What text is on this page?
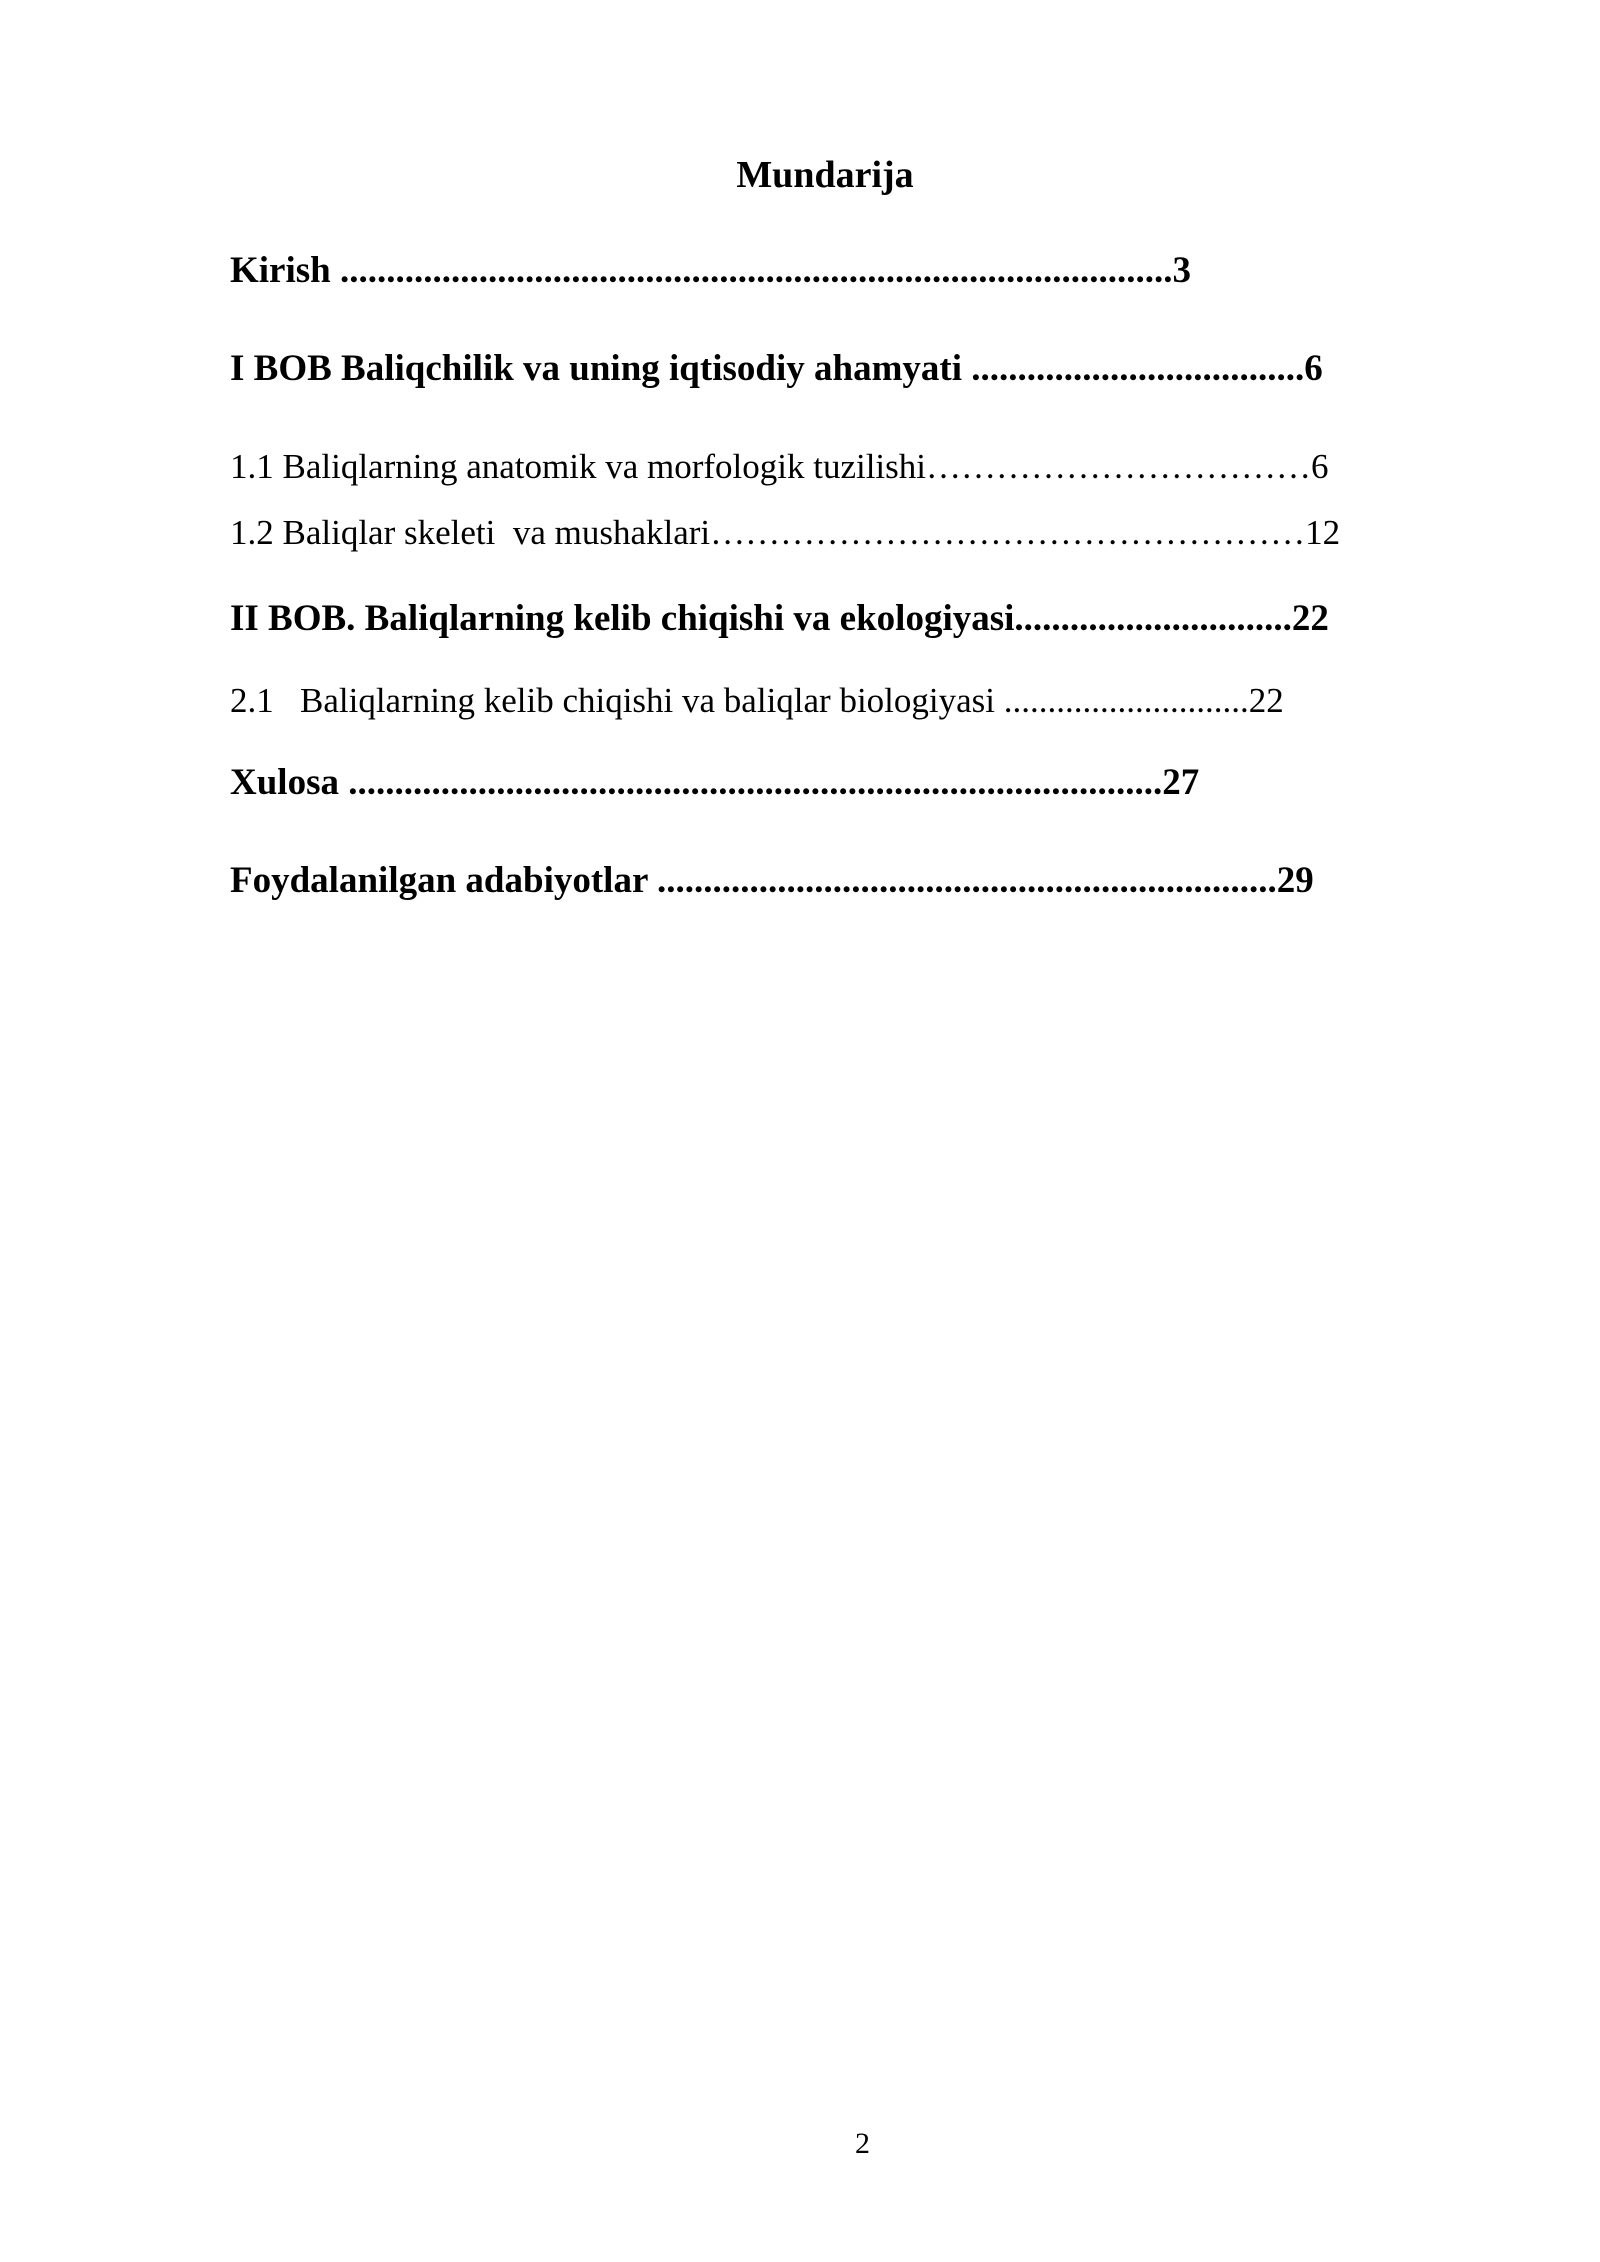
Mundarija
Kirish ..........................................................................................3
I BOB Baliqchilik va uning iqtisodiy ahamyati ....................................6
1.1 Baliqlarning anatomik va morfologik tuzilishi……………………………6
1.2 Baliqlar skeleti  va mushaklari……………………………………………12
II BOB. Baliqlarning kelib chiqishi va ekologiyasi..............................22
2.1   Baliqlarning kelib chiqishi va baliqlar biologiyasi ............................22
Xulosa ........................................................................................27
Foydalanilgan adabiyotlar ...................................................................29
2
